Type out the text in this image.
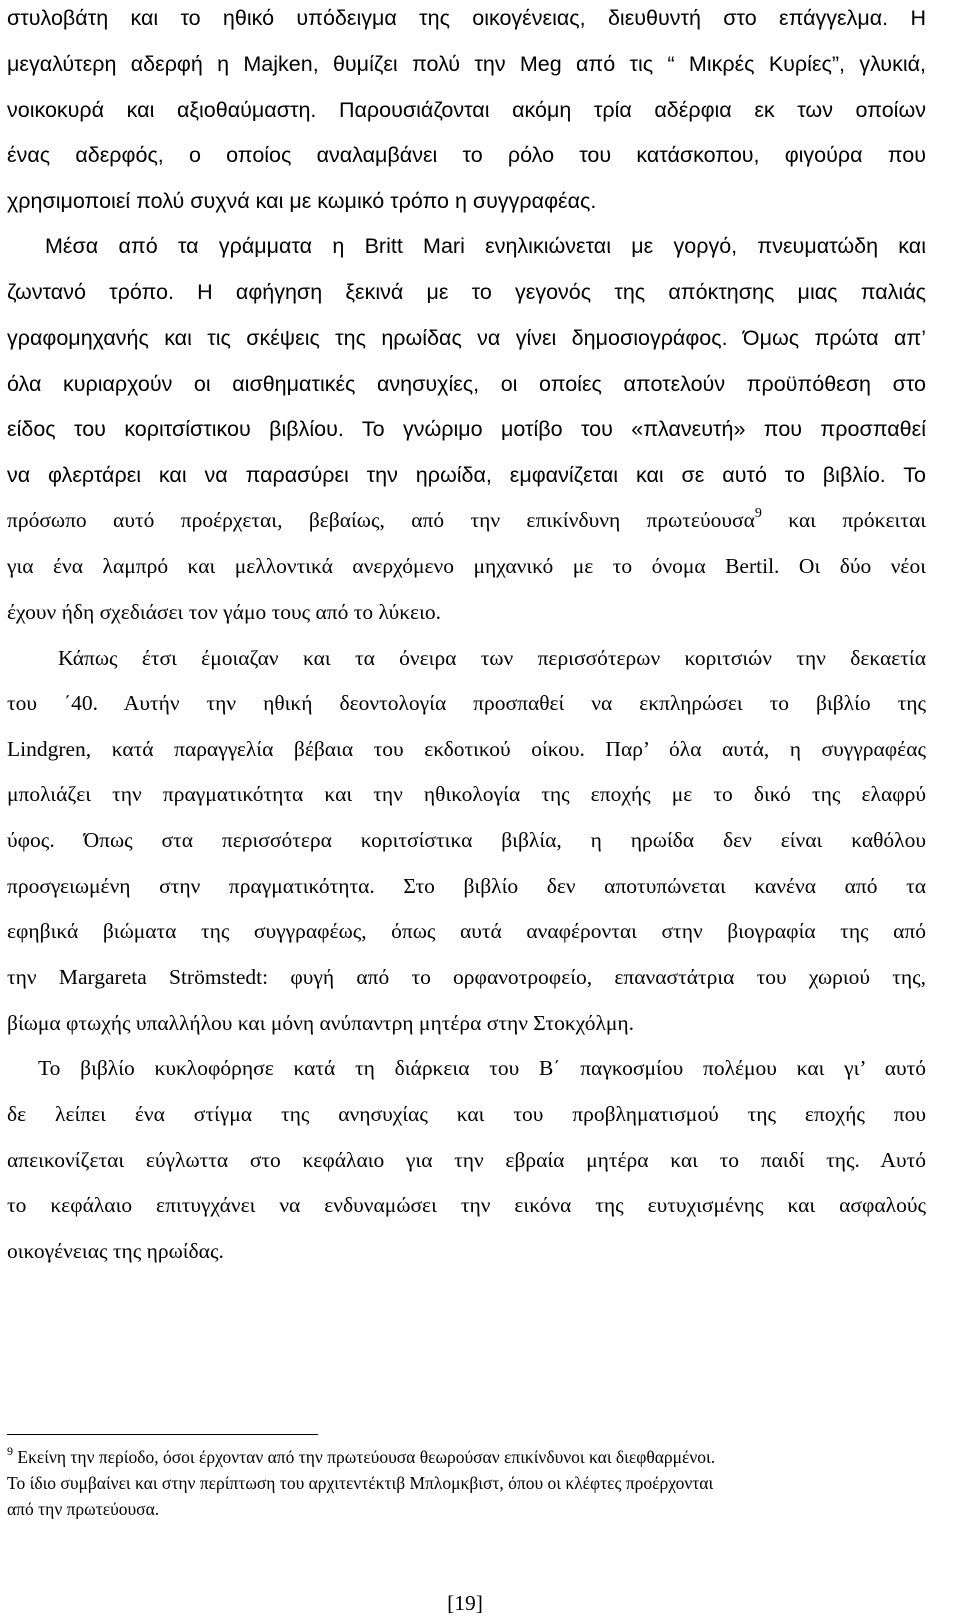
στυλοβάτη και το ηθικό υπόδειγμα της οικογένειας, διευθυντή στο επάγγελμα. Η

μεγαλύτερη αδερφή η Majken, θυμίζει πολύ την Meg από τις “ Μικρές Κυρίες”, γλυκιά,

νοικοκυρά και αξιοθαύμαστη. Παρουσιάζονται ακόμη τρία αδέρφια εκ των οποίων

ένας αδερφός, ο οποίος αναλαμβάνει το ρόλο του κατάσκοπου, φιγούρα που

χρησιμοποιεί πολύ συχνά και με κωμικό τρόπο η συγγραφέας.

Μέσα από τα γράμματα η Britt Mari ενηλικιώνεται με γοργό, πνευματώδη και

ζωντανό τρόπο. Η αφήγηση ξεκινά με το γεγονός της απόκτησης μιας παλιάς

γραφομηχανής και τις σκέψεις της ηρωίδας να γίνει δημοσιογράφος. Όμως πρώτα απ’

όλα κυριαρχούν οι αισθηματικές ανησυχίες, οι οποίες αποτελούν προϋπόθεση στο

είδος του κοριτσίστικου βιβλίου. Το γνώριμο μοτίβο του «πλανευτή» που προσπαθεί

να φλερτάρει και να παρασύρει την ηρωίδα, εμφανίζεται και σε αυτό το βιβλίο. Το

πρόσωπο αυτό προέρχεται, βεβαίως, από την επικίνδυνη πρωτεύουσα$^9$ και πρόκειται

για ένα λαμπρό και μελλοντικά ανερχόμενο μηχανικό με το όνομα Bertil. Οι δύο νέοι

έχουν ήδη σχεδιάσει τον γάμο τους από το λύκειο.

Κάπως έτσι έμοιαζαν και τα όνειρα των περισσότερων κοριτσιών την δεκαετία

του ΄40. Αυτήν την ηθική δεοντολογία προσπαθεί να εκπληρώσει το βιβλίο της

Lindgren, κατά παραγγελία βέβαια του εκδοτικού οίκου. Παρ’ όλα αυτά, η συγγραφέας

μπολιάζει την πραγματικότητα και την ηθικολογία της εποχής με το δικό της ελαφρύ

ύφος. Όπως στα περισσότερα κοριτσίστικα βιβλία, η ηρωίδα δεν είναι καθόλου

προσγειωμένη στην πραγματικότητα. Στο βιβλίο δεν αποτυπώνεται κανένα από τα

εφηβικά βιώματα της συγγραφέως, όπως αυτά αναφέρονται στην βιογραφία της από

την Margareta Strömstedt: φυγή από το ορφανοτροφείο, επαναστάτρια του χωριού της,

βίωμα φτωχής υπαλλήλου και μόνη ανύπαντρη μητέρα στην Στοκχόλμη.

Το βιβλίο κυκλοφόρησε κατά τη διάρκεια του Β΄ παγκοσμίου πολέμου και γι’ αυτό

δε λείπει ένα στίγμα της ανησυχίας και του προβληματισμού της εποχής που

απεικονίζεται εύγλωττα στο κεφάλαιο για την εβραία μητέρα και το παιδί της. Αυτό

το κεφάλαιο επιτυγχάνει να ενδυναμώσει την εικόνα της ευτυχισμένης και ασφαλούς

οικογένειας της ηρωίδας.

$^9$ Εκείνη την περίοδο, όσοι έρχονταν από την πρωτεύουσα θεωρούσαν επικίνδυνοι και διεφθαρμένοι.

Το ίδιο συμβαίνει και στην περίπτωση του αρχιτεντέκτιβ Μπλομκβιστ, όπου οι κλέφτες προέρχονται

από την πρωτεύουσα.

[19]
